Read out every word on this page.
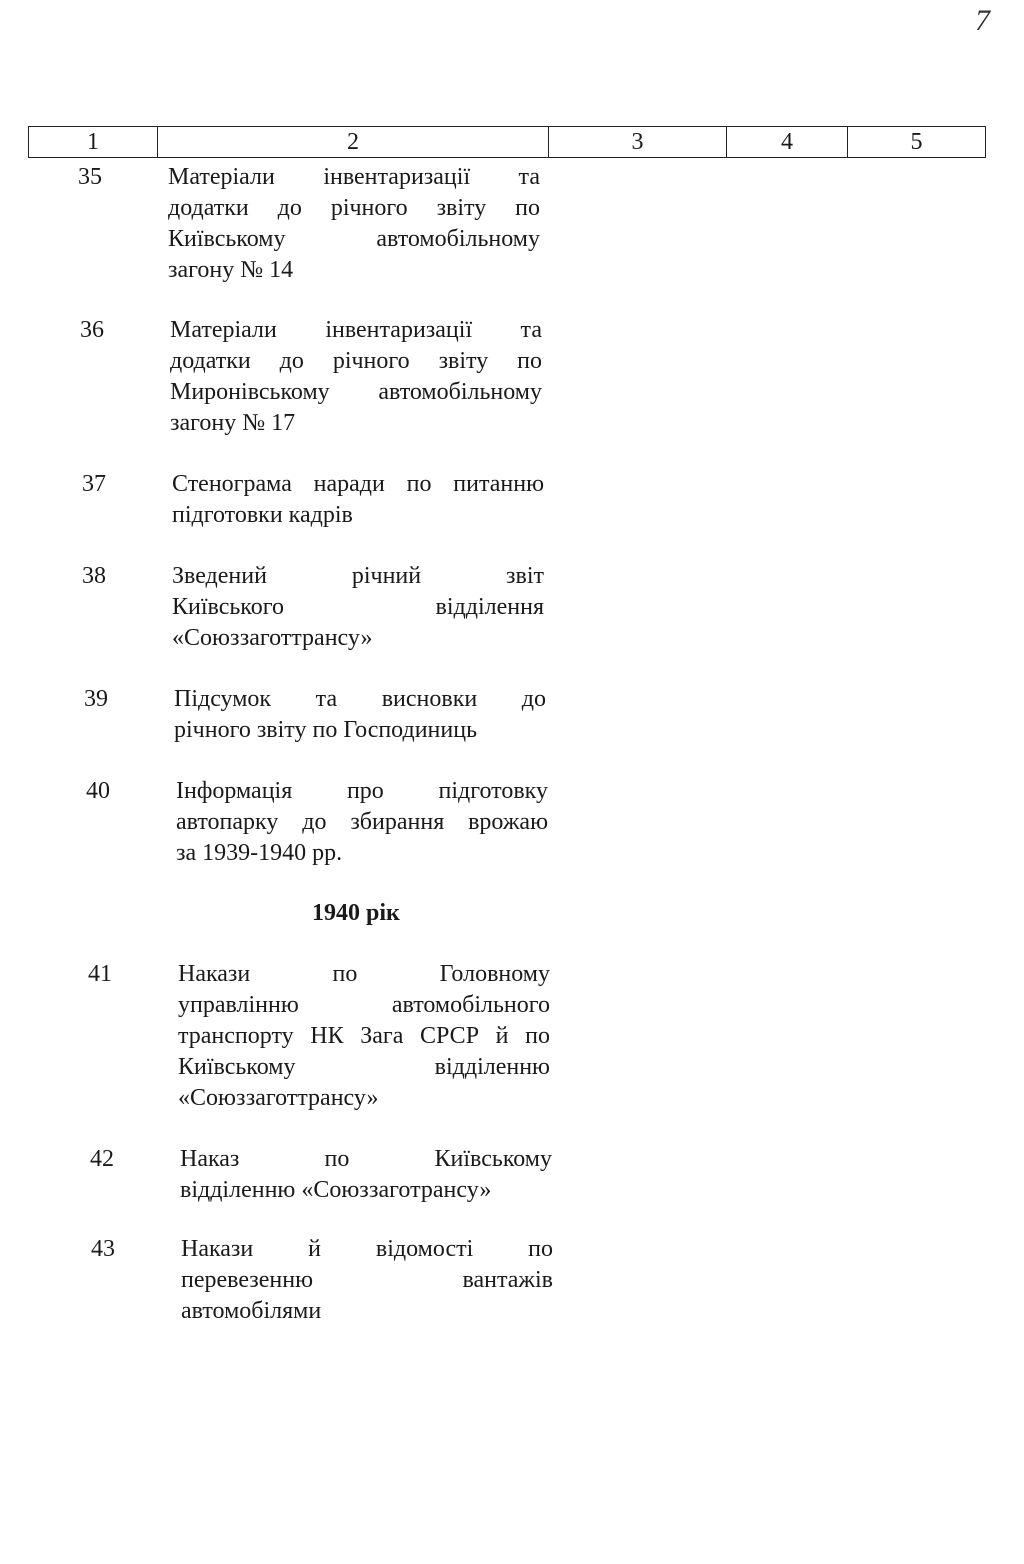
7
1	2	3	4	5
35	Матеріали інвентаризації та
додатки до річного звіту по
Київському автомобільному
загону № 14
36	Матеріали інвентаризації та
додатки до річного звіту по
Миронівському автомобільному
загону № 17
37	Стенограма наради по питанню
підготовки кадрів
38	Зведений річний звіт
Київського відділення
«Союззаготтрансу»
39	Підсумок та висновки до
річного звіту по Господиниць
40	Інформація про підготовку
автопарку до збирання врожаю
за 1939-1940 рр.
41	Накази по Головному
управлінню автомобільного
транспорту НК Зага СРСР й по
Київському відділенню
«Союззаготтрансу»
42	Наказ по Київському
відділенню «Союззаготрансу»
43	Накази й відомості по
перевезенню вантажів
автомобілями
1940 рік
